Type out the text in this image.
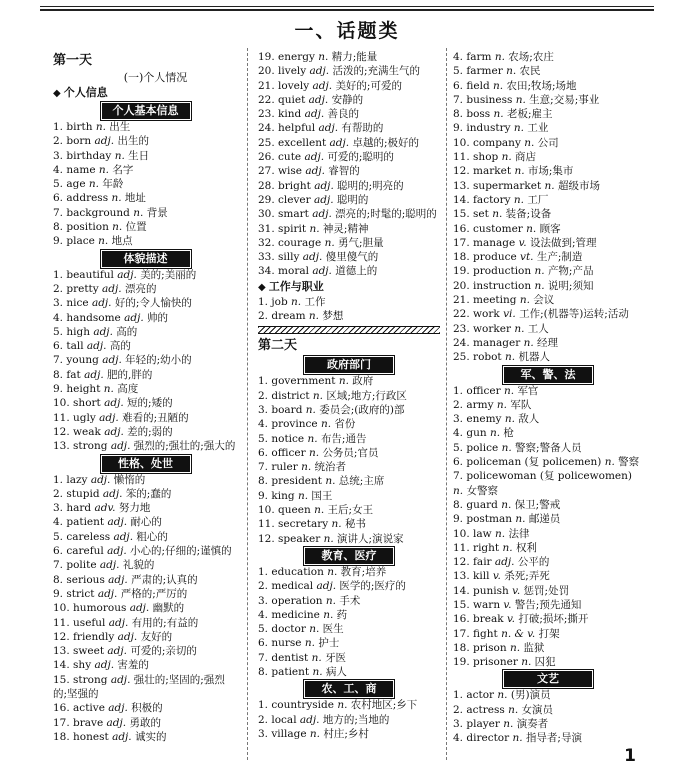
一、话题类
第一天
(一)个人情况
◆ 个人信息
个人基本信息
1. birth n. 出生
2. born adj. 出生的
3. birthday n. 生日
4. name n. 名字
5. age n. 年龄
6. address n. 地址
7. background n. 背景
8. position n. 位置
9. place n. 地点
体貌描述
1. beautiful adj. 美的;美丽的
2. pretty adj. 漂亮的
3. nice adj. 好的;令人愉快的
4. handsome adj. 帅的
5. high adj. 高的
6. tall adj. 高的
7. young adj. 年轻的;幼小的
8. fat adj. 肥的,胖的
9. height n. 高度
10. short adj. 短的;矮的
11. ugly adj. 难看的;丑陋的
12. weak adj. 差的;弱的
13. strong adj. 强烈的;强壮的;强大的
性格、处世
1. lazy adj. 懒惰的
2. stupid adj. 笨的;蠢的
3. hard adv. 努力地
4. patient adj. 耐心的
5. careless adj. 粗心的
6. careful adj. 小心的;仔细的;谨慎的
7. polite adj. 礼貌的
8. serious adj. 严肃的;认真的
9. strict adj. 严格的;严厉的
10. humorous adj. 幽默的
11. useful adj. 有用的;有益的
12. friendly adj. 友好的
13. sweet adj. 可爱的;亲切的
14. shy adj. 害羞的
15. strong adj. 强壮的;坚固的;强烈的;坚强的
16. active adj. 积极的
17. brave adj. 勇敢的
18. honest adj. 诚实的
19. energy n. 精力;能量
20. lively adj. 活泼的;充满生气的
21. lovely adj. 美好的;可爱的
22. quiet adj. 安静的
23. kind adj. 善良的
24. helpful adj. 有帮助的
25. excellent adj. 卓越的;极好的
26. cute adj. 可爱的;聪明的
27. wise adj. 睿智的
28. bright adj. 聪明的;明亮的
29. clever adj. 聪明的
30. smart adj. 漂亮的;时髦的;聪明的
31. spirit n. 神灵;精神
32. courage n. 勇气;胆量
33. silly adj. 傻里傻气的
34. moral adj. 道德上的
◆ 工作与职业
1. job n. 工作
2. dream n. 梦想
第二天
政府部门
1. government n. 政府
2. district n. 区域;地方;行政区
3. board n. 委员会;(政府的)部
4. province n. 省份
5. notice n. 布告;通告
6. officer n. 公务员;官员
7. ruler n. 统治者
8. president n. 总统;主席
9. king n. 国王
10. queen n. 王后;女王
11. secretary n. 秘书
12. speaker n. 演讲人;演说家
教育、医疗
1. education n. 教育;培养
2. medical adj. 医学的;医疗的
3. operation n. 手术
4. medicine n. 药
5. doctor n. 医生
6. nurse n. 护士
7. dentist n. 牙医
8. patient n. 病人
农、工、商
1. countryside n. 农村地区;乡下
2. local adj. 地方的;当地的
3. village n. 村庄;乡村
4. farm n. 农场;农庄
5. farmer n. 农民
6. field n. 农田;牧场;场地
7. business n. 生意;交易;事业
8. boss n. 老板;雇主
9. industry n. 工业
10. company n. 公司
11. shop n. 商店
12. market n. 市场;集市
13. supermarket n. 超级市场
14. factory n. 工厂
15. set n. 装备;设备
16. customer n. 顾客
17. manage v. 设法做到;管理
18. produce vt. 生产;制造
19. production n. 产物;产品
20. instruction n. 说明;须知
21. meeting n. 会议
22. work vi. 工作;(机器等)运转;活动
23. worker n. 工人
24. manager n. 经理
25. robot n. 机器人
军、警、法
1. officer n. 军官
2. army n. 军队
3. enemy n. 敌人
4. gun n. 枪
5. police n. 警察;警备人员
6. policeman (复 policemen) n. 警察
7. policewoman (复 policewomen) n. 女警察
8. guard n. 保卫;警戒
9. postman n. 邮递员
10. law n. 法律
11. right n. 权利
12. fair adj. 公平的
13. kill v. 杀死;弄死
14. punish v. 惩罚;处罚
15. warn v. 警告;预先通知
16. break v. 打破;损坏;撕开
17. fight n. & v. 打架
18. prison n. 监狱
19. prisoner n. 囚犯
文艺
1. actor n. (男)演员
2. actress n. 女演员
3. player n. 演奏者
4. director n. 指导者;导演
1
